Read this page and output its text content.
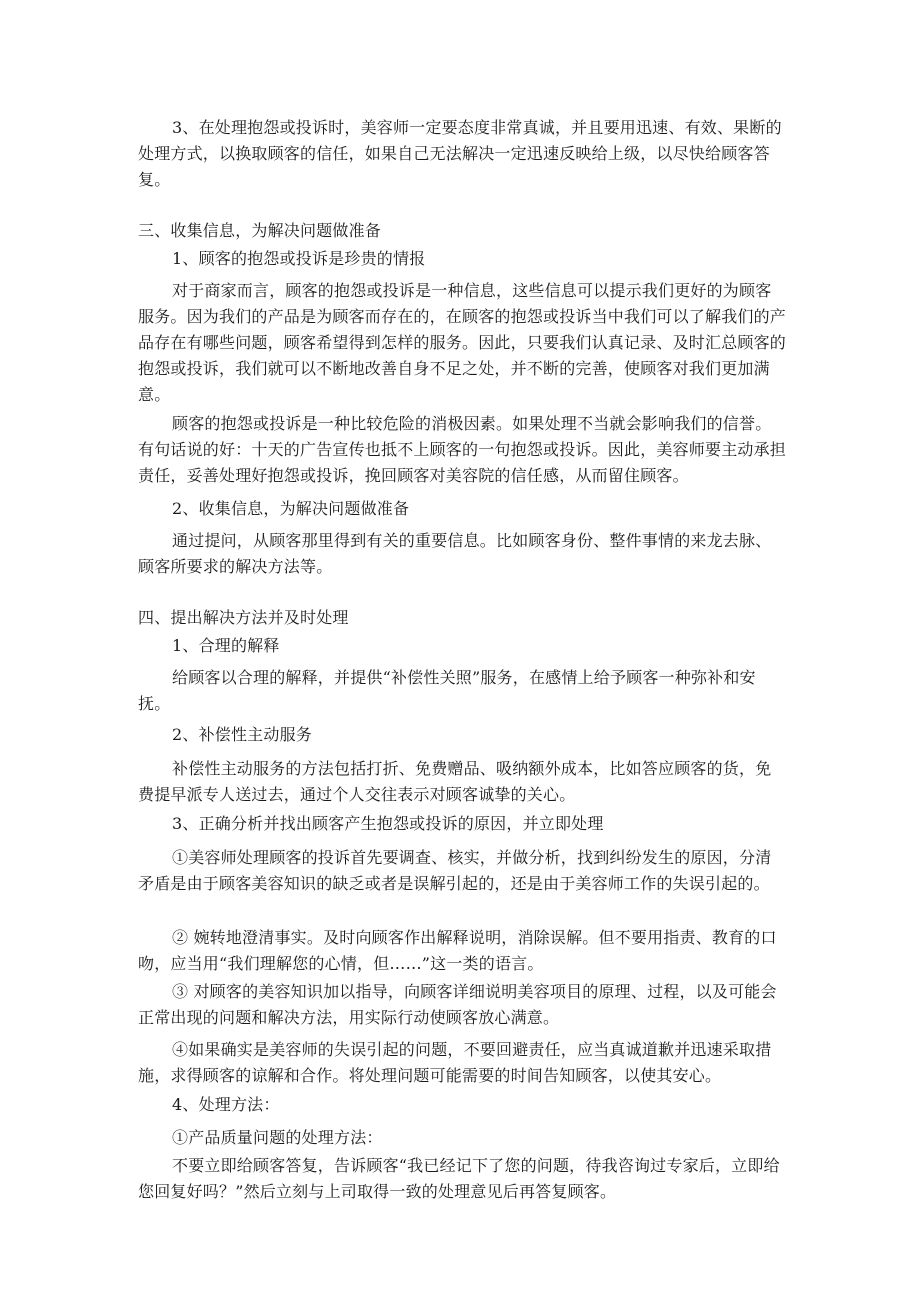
3、在处理抱怨或投诉时，美容师一定要态度非常真诚，并且要用迅速、有效、果断的处理方式，以换取顾客的信任，如果自己无法解决一定迅速反映给上级，以尽快给顾客答复。

三、收集信息，为解决问题做准备

1、顾客的抱怨或投诉是珍贵的情报

对于商家而言，顾客的抱怨或投诉是一种信息，这些信息可以提示我们更好的为顾客服务。因为我们的产品是为顾客而存在的，在顾客的抱怨或投诉当中我们可以了解我们的产品存在有哪些问题，顾客希望得到怎样的服务。因此，只要我们认真记录、及时汇总顾客的抱怨或投诉，我们就可以不断地改善自身不足之处，并不断的完善，使顾客对我们更加满意。

顾客的抱怨或投诉是一种比较危险的消极因素。如果处理不当就会影响我们的信誉。有句话说的好：十天的广告宣传也抵不上顾客的一句抱怨或投诉。因此，美容师要主动承担责任，妥善处理好抱怨或投诉，挽回顾客对美容院的信任感，从而留住顾客。

2、收集信息，为解决问题做准备

通过提问，从顾客那里得到有关的重要信息。比如顾客身份、整件事情的来龙去脉、顾客所要求的解决方法等。

四、提出解决方法并及时处理

1、合理的解释

给顾客以合理的解释，并提供“补偿性关照”服务，在感情上给予顾客一种弥补和安抚。

2、补偿性主动服务

补偿性主动服务的方法包括打折、免费赠品、吸纳额外成本，比如答应顾客的货，免费提早派专人送过去，通过个人交往表示对顾客诚挚的关心。

3、正确分析并找出顾客产生抱怨或投诉的原因，并立即处理

①美容师处理顾客的投诉首先要调查、核实，并做分析，找到纠纷发生的原因，分清矛盾是由于顾客美容知识的缺乏或者是误解引起的，还是由于美容师工作的失误引起的。

② 婉转地澄清事实。及时向顾客作出解释说明，消除误解。但不要用指责、教育的口吻，应当用“我们理解您的心情，但……”这一类的语言。

③ 对顾客的美容知识加以指导，向顾客详细说明美容项目的原理、过程，以及可能会正常出现的问题和解决方法，用实际行动使顾客放心满意。

④如果确实是美容师的失误引起的问题，不要回避责任，应当真诚道歉并迅速采取措施，求得顾客的谅解和合作。将处理问题可能需要的时间告知顾客，以使其安心。

4、处理方法：

①产品质量问题的处理方法：

不要立即给顾客答复，告诉顾客“我已经记下了您的问题，待我咨询过专家后，立即给您回复好吗？”然后立刻与上司取得一致的处理意见后再答复顾客。
